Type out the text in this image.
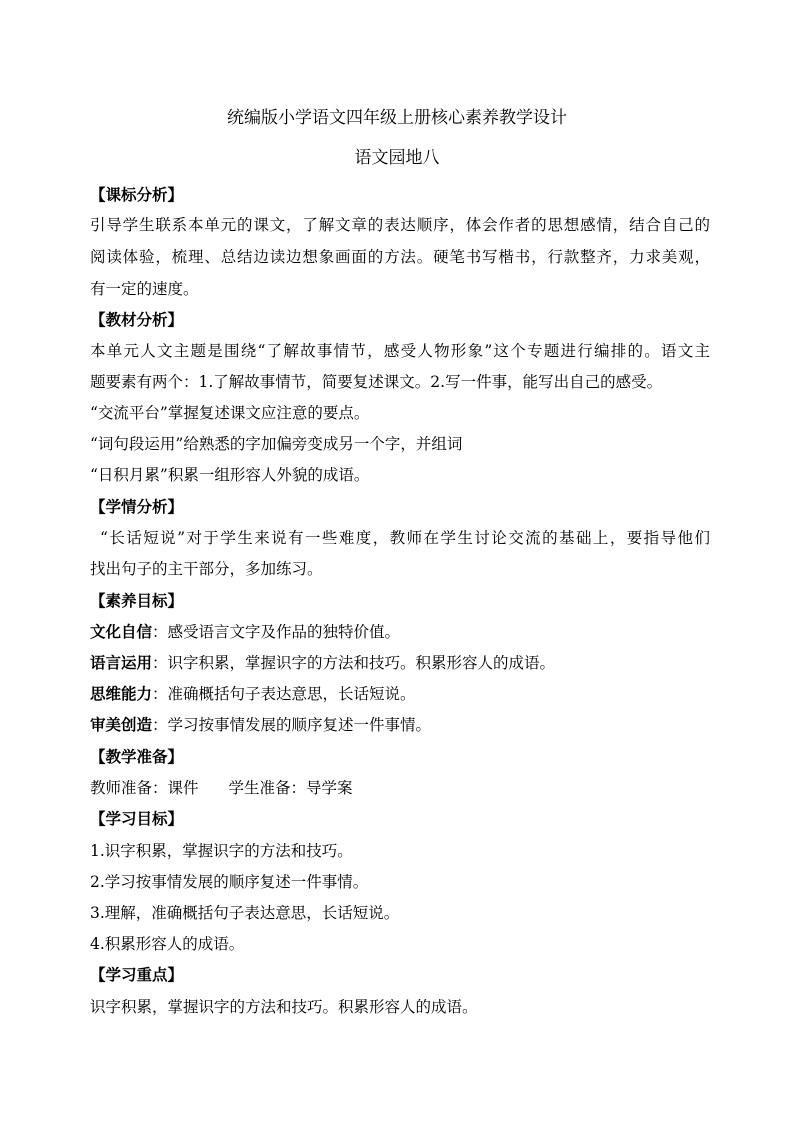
统编版小学语文四年级上册核心素养教学设计
语文园地八
【课标分析】
引导学生联系本单元的课文，了解文章的表达顺序，体会作者的思想感情，结合自己的
阅读体验，梳理、总结边读边想象画面的方法。硬笔书写楷书，行款整齐，力求美观，
有一定的速度。
【教材分析】
本单元人文主题是围绕“了解故事情节，感受人物形象”这个专题进行编排的。语文主
题要素有两个：1.了解故事情节，简要复述课文。2.写一件事，能写出自己的感受。
“交流平台”掌握复述课文应注意的要点。
“词句段运用”给熟悉的字加偏旁变成另一个字，并组词
“日积月累”积累一组形容人外貌的成语。
【学情分析】
“长话短说”对于学生来说有一些难度，教师在学生讨论交流的基础上，要指导他们
找出句子的主干部分，多加练习。
【素养目标】
文化自信：感受语言文字及作品的独特价值。
语言运用：识字积累，掌握识字的方法和技巧。积累形容人的成语。
思维能力：准确概括句子表达意思，长话短说。
审美创造：学习按事情发展的顺序复述一件事情。
【教学准备】
教师准备：课件 学生准备：导学案
【学习目标】
1.识字积累，掌握识字的方法和技巧。
2.学习按事情发展的顺序复述一件事情。
3.理解，准确概括句子表达意思，长话短说。
4.积累形容人的成语。
【学习重点】
识字积累，掌握识字的方法和技巧。积累形容人的成语。
